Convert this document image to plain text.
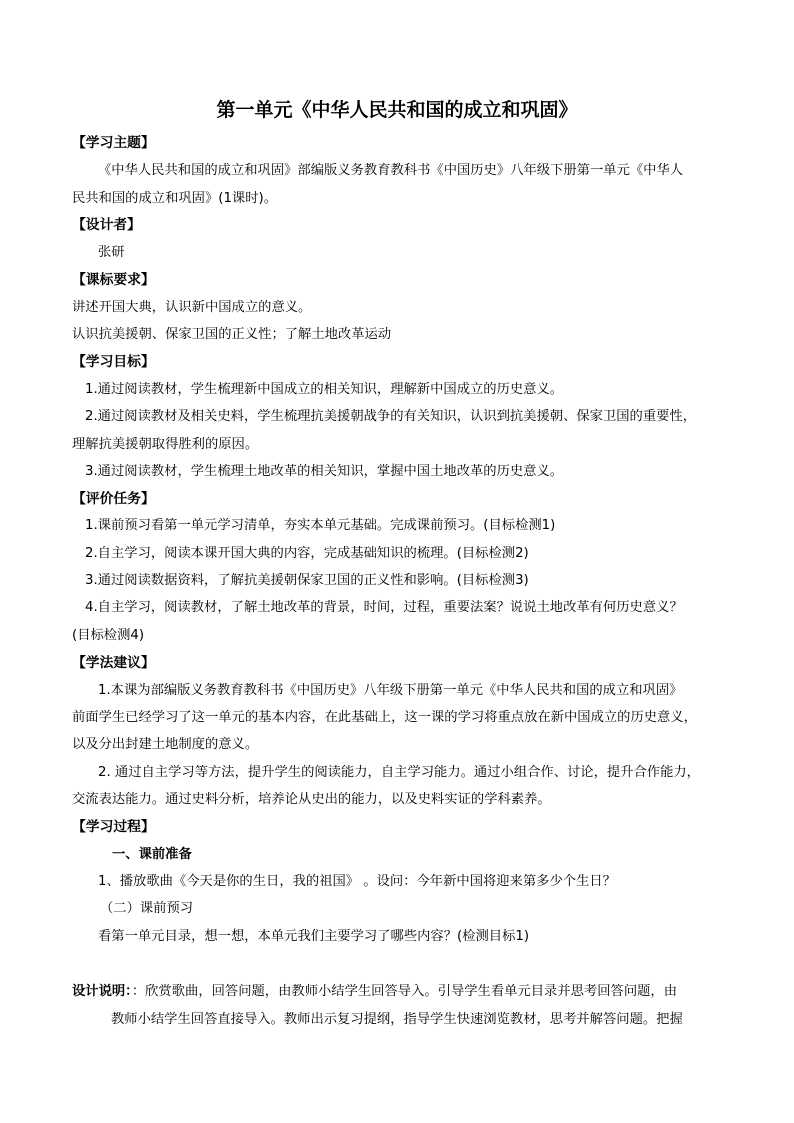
第一单元《中华人民共和国的成立和巩固》
【学习主题】
《中华人民共和国的成立和巩固》部编版义务教育教科书《中国历史》八年级下册第一单元《中华人
民共和国的成立和巩固》(1课时)。
【设计者】
张研
【课标要求】
讲述开国大典，认识新中国成立的意义。
认识抗美援朝、保家卫国的正义性；了解土地改革运动
【学习目标】
1.通过阅读教材，学生梳理新中国成立的相关知识，理解新中国成立的历史意义。
2.通过阅读教材及相关史料，学生梳理抗美援朝战争的有关知识，认识到抗美援朝、保家卫国的重要性，
理解抗美援朝取得胜利的原因。
3.通过阅读教材，学生梳理土地改革的相关知识，掌握中国土地改革的历史意义。
【评价任务】
1.课前预习看第一单元学习清单，夯实本单元基础。完成课前预习。(目标检测1)
2.自主学习，阅读本课开国大典的内容，完成基础知识的梳理。(目标检测2)
3.通过阅读数据资料，了解抗美援朝保家卫国的正义性和影响。(目标检测3)
4.自主学习，阅读教材，了解土地改革的背景，时间，过程，重要法案？说说土地改革有何历史意义？
(目标检测4)
【学法建议】
1.本课为部编版义务教育教科书《中国历史》八年级下册第一单元《中华人民共和国的成立和巩固》
前面学生已经学习了这一单元的基本内容，在此基础上，这一课的学习将重点放在新中国成立的历史意义，
以及分出封建土地制度的意义。
2. 通过自主学习等方法，提升学生的阅读能力，自主学习能力。通过小组合作、讨论，提升合作能力，
交流表达能力。通过史料分析，培养论从史出的能力，以及史料实证的学科素养。
【学习过程】
一、课前准备
1、播放歌曲《今天是你的生日，我的祖国》 。设问：今年新中国将迎来第多少个生日？
（二）课前预习
看第一单元目录，想一想，本单元我们主要学习了哪些内容？(检测目标1)
设计说明：：欣赏歌曲，回答问题，由教师小结学生回答导入。引导学生看单元目录并思考回答问题，由
教师小结学生回答直接导入。教师出示复习提纲，指导学生快速浏览教材，思考并解答问题。把握
